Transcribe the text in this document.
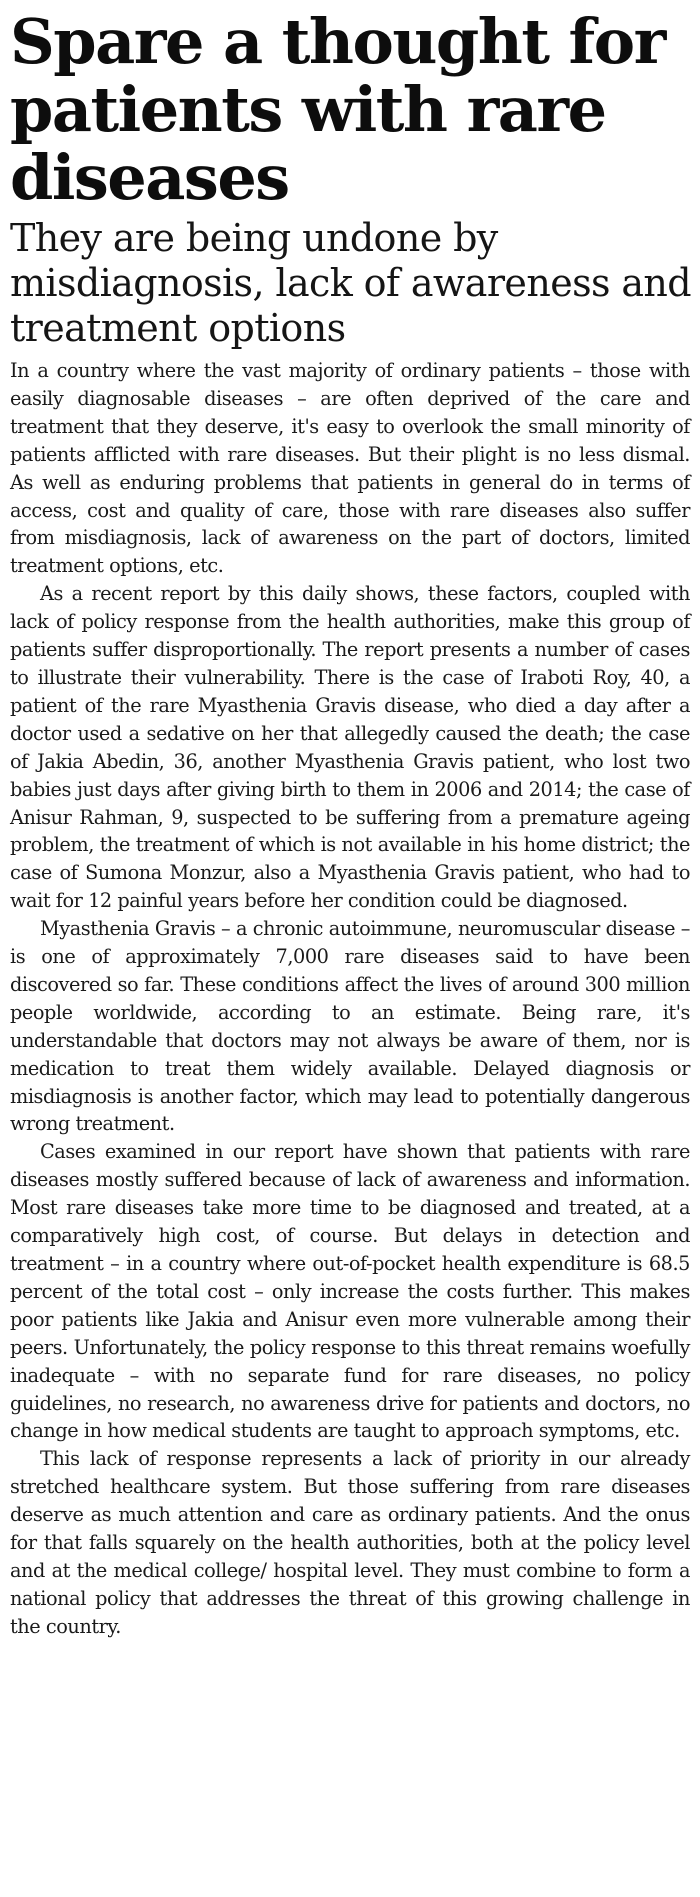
Spare a thought for patients with rare diseases
They are being undone by misdiagnosis, lack of awareness and treatment options

In a country where the vast majority of ordinary patients – those with easily diagnosable diseases – are often deprived of the care and treatment that they deserve, it's easy to overlook the small minority of patients afflicted with rare diseases. But their plight is no less dismal. As well as enduring problems that patients in general do in terms of access, cost and quality of care, those with rare diseases also suffer from misdiagnosis, lack of awareness on the part of doctors, limited treatment options, etc.

As a recent report by this daily shows, these factors, coupled with lack of policy response from the health authorities, make this group of patients suffer disproportionally. The report presents a number of cases to illustrate their vulnerability. There is the case of Iraboti Roy, 40, a patient of the rare Myasthenia Gravis disease, who died a day after a doctor used a sedative on her that allegedly caused the death; the case of Jakia Abedin, 36, another Myasthenia Gravis patient, who lost two babies just days after giving birth to them in 2006 and 2014; the case of Anisur Rahman, 9, suspected to be suffering from a premature ageing problem, the treatment of which is not available in his home district; the case of Sumona Monzur, also a Myasthenia Gravis patient, who had to wait for 12 painful years before her condition could be diagnosed.

Myasthenia Gravis – a chronic autoimmune, neuromuscular disease – is one of approximately 7,000 rare diseases said to have been discovered so far. These conditions affect the lives of around 300 million people worldwide, according to an estimate. Being rare, it's understandable that doctors may not always be aware of them, nor is medication to treat them widely available. Delayed diagnosis or misdiagnosis is another factor, which may lead to potentially dangerous wrong treatment.

Cases examined in our report have shown that patients with rare diseases mostly suffered because of lack of awareness and information. Most rare diseases take more time to be diagnosed and treated, at a comparatively high cost, of course. But delays in detection and treatment – in a country where out-of-pocket health expenditure is 68.5 percent of the total cost – only increase the costs further. This makes poor patients like Jakia and Anisur even more vulnerable among their peers. Unfortunately, the policy response to this threat remains woefully inadequate – with no separate fund for rare diseases, no policy guidelines, no research, no awareness drive for patients and doctors, no change in how medical students are taught to approach symptoms, etc.

This lack of response represents a lack of priority in our already stretched healthcare system. But those suffering from rare diseases deserve as much attention and care as ordinary patients. And the onus for that falls squarely on the health authorities, both at the policy level and at the medical college/ hospital level. They must combine to form a national policy that addresses the threat of this growing challenge in the country.
